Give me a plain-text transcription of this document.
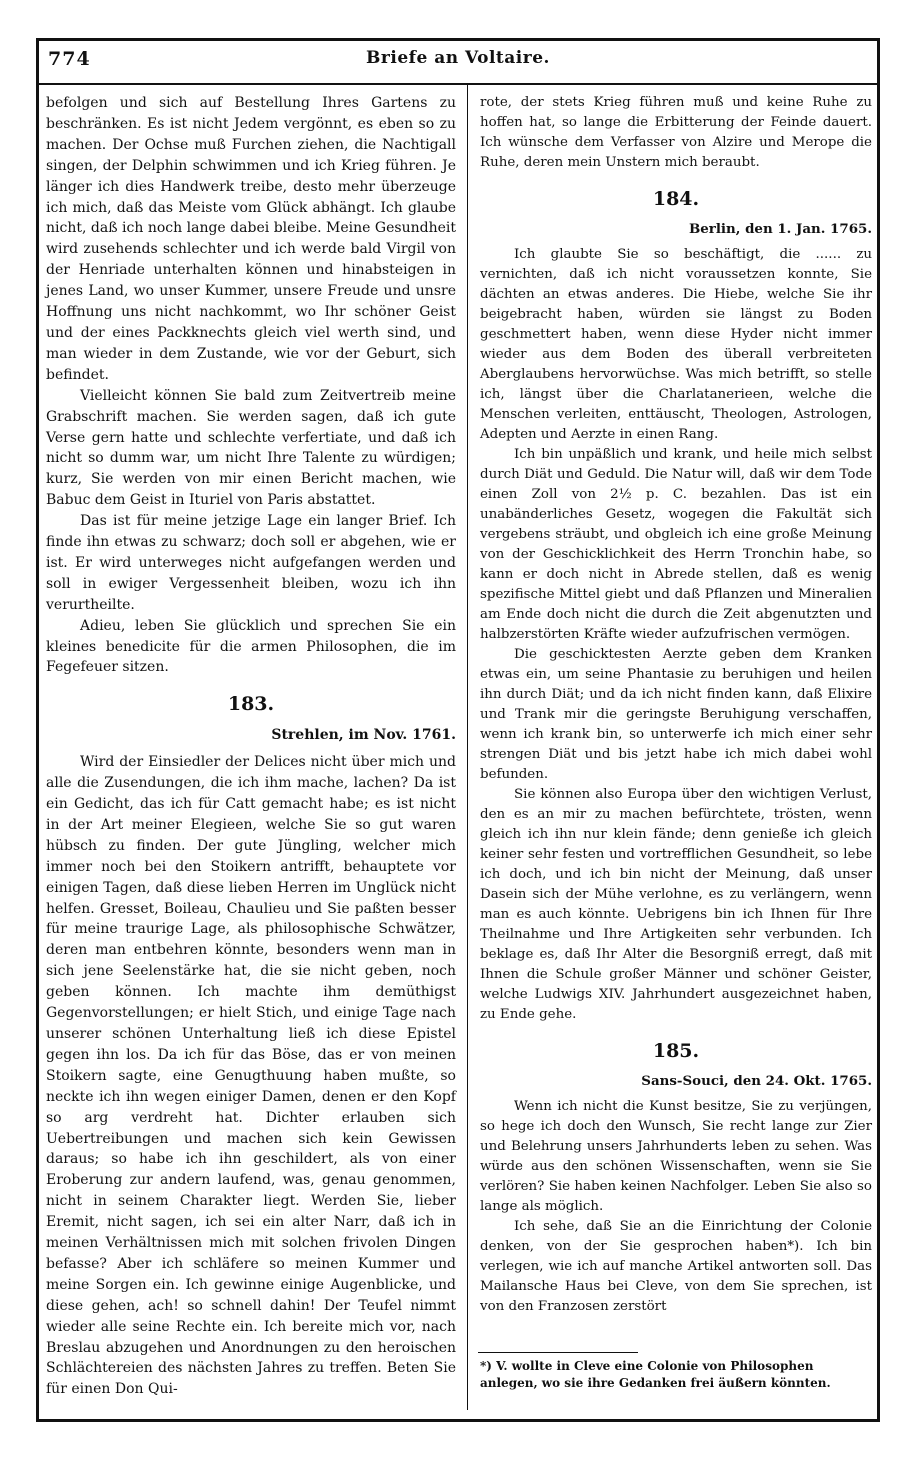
774	Briefe an Voltaire.

befolgen und sich auf Bestellung Ihres Gartens zu beschränken. Es ist nicht Jedem vergönnt, es eben so zu machen. Der Ochse muß Furchen ziehen, die Nachtigall singen, der Delphin schwimmen und ich Krieg führen. Je länger ich dies Handwerk treibe, desto mehr überzeuge ich mich, daß das Meiste vom Glück abhängt. Ich glaube nicht, daß ich noch lange dabei bleibe. Meine Gesundheit wird zusehends schlechter und ich werde bald Virgil von der Henriade unterhalten können und hinabsteigen in jenes Land, wo unser Kummer, unsere Freude und unsre Hoffnung uns nicht nachkommt, wo Ihr schöner Geist und der eines Packknechts gleich viel werth sind, und man wieder in dem Zustande, wie vor der Geburt, sich befindet.

Vielleicht können Sie bald zum Zeitvertreib meine Grabschrift machen. Sie werden sagen, daß ich gute Verse gern hatte und schlechte verfertiate, und daß ich nicht so dumm war, um nicht Ihre Talente zu würdigen; kurz, Sie werden von mir einen Bericht machen, wie Babuc dem Geist in Ituriel von Paris abstattet.

Das ist für meine jetzige Lage ein langer Brief. Ich finde ihn etwas zu schwarz; doch soll er abgehen, wie er ist. Er wird unterweges nicht aufgefangen werden und soll in ewiger Vergessenheit bleiben, wozu ich ihn verurtheilte.

Adieu, leben Sie glücklich und sprechen Sie ein kleines benedicite für die armen Philosophen, die im Fegefeuer sitzen.

183.
Strehlen, im Nov. 1761.

Wird der Einsiedler der Delices nicht über mich und alle die Zusendungen, die ich ihm mache, lachen? Da ist ein Gedicht, das ich für Catt gemacht habe; es ist nicht in der Art meiner Elegieen, welche Sie so gut waren hübsch zu finden. Der gute Jüngling, welcher mich immer noch bei den Stoikern antrifft, behauptete vor einigen Tagen, daß diese lieben Herren im Unglück nicht helfen. Gresset, Boileau, Chaulieu und Sie paßten besser für meine traurige Lage, als philosophische Schwätzer, deren man entbehren könnte, besonders wenn man in sich jene Seelenstärke hat, die sie nicht geben, noch geben können. Ich machte ihm demüthigst Gegenvorstellungen; er hielt Stich, und einige Tage nach unserer schönen Unterhaltung ließ ich diese Epistel gegen ihn los. Da ich für das Böse, das er von meinen Stoikern sagte, eine Genugthuung haben mußte, so neckte ich ihn wegen einiger Damen, denen er den Kopf so arg verdreht hat. Dichter erlauben sich Uebertreibungen und machen sich kein Gewissen daraus; so habe ich ihn geschildert, als von einer Eroberung zur andern laufend, was, genau genommen, nicht in seinem Charakter liegt. Werden Sie, lieber Eremit, nicht sagen, ich sei ein alter Narr, daß ich in meinen Verhältnissen mich mit solchen frivolen Dingen befasse? Aber ich schläfere so meinen Kummer und meine Sorgen ein. Ich gewinne einige Augenblicke, und diese gehen, ach! so schnell dahin! Der Teufel nimmt wieder alle seine Rechte ein. Ich bereite mich vor, nach Breslau abzugehen und Anordnungen zu den heroischen Schlächtereien des nächsten Jahres zu treffen. Beten Sie für einen Don Qui-

rote, der stets Krieg führen muß und keine Ruhe zu hoffen hat, so lange die Erbitterung der Feinde dauert. Ich wünsche dem Verfasser von Alzire und Merope die Ruhe, deren mein Unstern mich beraubt.

184.
Berlin, den 1. Jan. 1765.

Ich glaubte Sie so beschäftigt, die ...... zu vernichten, daß ich nicht voraussetzen konnte, Sie dächten an etwas anderes. Die Hiebe, welche Sie ihr beigebracht haben, würden sie längst zu Boden geschmettert haben, wenn diese Hyder nicht immer wieder aus dem Boden des überall verbreiteten Aberglaubens hervorwüchse. Was mich betrifft, so stelle ich, längst über die Charlatanerieen, welche die Menschen verleiten, enttäuscht, Theologen, Astrologen, Adepten und Aerzte in einen Rang.

Ich bin unpäßlich und krank, und heile mich selbst durch Diät und Geduld. Die Natur will, daß wir dem Tode einen Zoll von 2½ p. C. bezahlen. Das ist ein unabänderliches Gesetz, wogegen die Fakultät sich vergebens sträubt, und obgleich ich eine große Meinung von der Geschicklichkeit des Herrn Tronchin habe, so kann er doch nicht in Abrede stellen, daß es wenig spezifische Mittel giebt und daß Pflanzen und Mineralien am Ende doch nicht die durch die Zeit abgenutzten und halbzerstörten Kräfte wieder aufzufrischen vermögen.

Die geschicktesten Aerzte geben dem Kranken etwas ein, um seine Phantasie zu beruhigen und heilen ihn durch Diät; und da ich nicht finden kann, daß Elixire und Trank mir die geringste Beruhigung verschaffen, wenn ich krank bin, so unterwerfe ich mich einer sehr strengen Diät und bis jetzt habe ich mich dabei wohl befunden.

Sie können also Europa über den wichtigen Verlust, den es an mir zu machen befürchtete, trösten, wenn gleich ich ihn nur klein fände; denn genieße ich gleich keiner sehr festen und vortrefflichen Gesundheit, so lebe ich doch, und ich bin nicht der Meinung, daß unser Dasein sich der Mühe verlohne, es zu verlängern, wenn man es auch könnte. Uebrigens bin ich Ihnen für Ihre Theilnahme und Ihre Artigkeiten sehr verbunden. Ich beklage es, daß Ihr Alter die Besorgniß erregt, daß mit Ihnen die Schule großer Männer und schöner Geister, welche Ludwigs XIV. Jahrhundert ausgezeichnet haben, zu Ende gehe.

185.
Sans-Souci, den 24. Okt. 1765.

Wenn ich nicht die Kunst besitze, Sie zu verjüngen, so hege ich doch den Wunsch, Sie recht lange zur Zier und Belehrung unsers Jahrhunderts leben zu sehen. Was würde aus den schönen Wissenschaften, wenn sie Sie verlören? Sie haben keinen Nachfolger. Leben Sie also so lange als möglich.

Ich sehe, daß Sie an die Einrichtung der Colonie denken, von der Sie gesprochen haben*). Ich bin verlegen, wie ich auf manche Artikel antworten soll. Das Mailansche Haus bei Cleve, von dem Sie sprechen, ist von den Franzosen zerstört

*) V. wollte in Cleve eine Colonie von Philosophen anlegen, wo sie ihre Gedanken frei äußern könnten.
